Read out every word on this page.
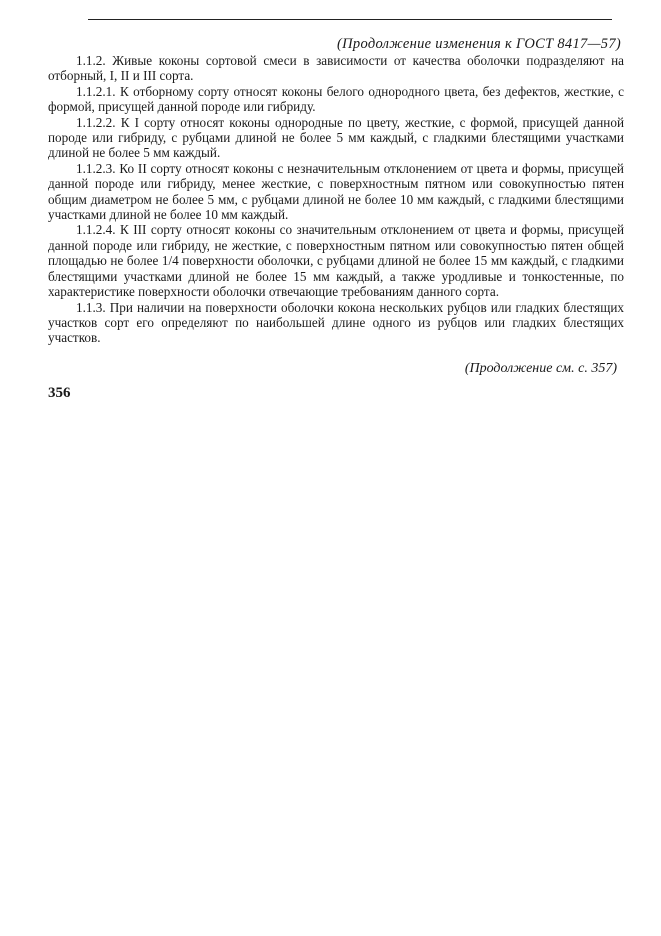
(Продолжение изменения к ГОСТ 8417—57)

1.1.2. Живые коконы сортовой смеси в зависимости от качества оболочки подразделяют на отборный, I, II и III сорта.

1.1.2.1. К отборному сорту относят коконы белого однородного цвета, без дефектов, жесткие, с формой, присущей данной породе или гибриду.

1.1.2.2. К I сорту относят коконы однородные по цвету, жесткие, с формой, присущей данной породе или гибриду, с рубцами длиной не более 5 мм каждый, с гладкими блестящими участками длиной не более 5 мм каждый.

1.1.2.3. Ко II сорту относят коконы с незначительным отклонением от цвета и формы, присущей данной породе или гибриду, менее жесткие, с поверхностным пятном или совокупностью пятен общим диаметром не более 5 мм, с рубцами длиной не более 10 мм каждый, с гладкими блестящими участками длиной не более 10 мм каждый.

1.1.2.4. К III сорту относят коконы со значительным отклонением от цвета и формы, присущей данной породе или гибриду, не жесткие, с поверхностным пятном или совокупностью пятен общей площадью не более 1/4 поверхности оболочки, с рубцами длиной не более 15 мм каждый, с гладкими блестящими участками длиной не более 15 мм каждый, а также уродливые и тонкостенные, по характеристике поверхности оболочки отвечающие требованиям данного сорта.

1.1.3. При наличии на поверхности оболочки кокона нескольких рубцов или гладких блестящих участков сорт его определяют по наибольшей длине одного из рубцов или гладких блестящих участков.

(Продолжение см. с. 357)
356
